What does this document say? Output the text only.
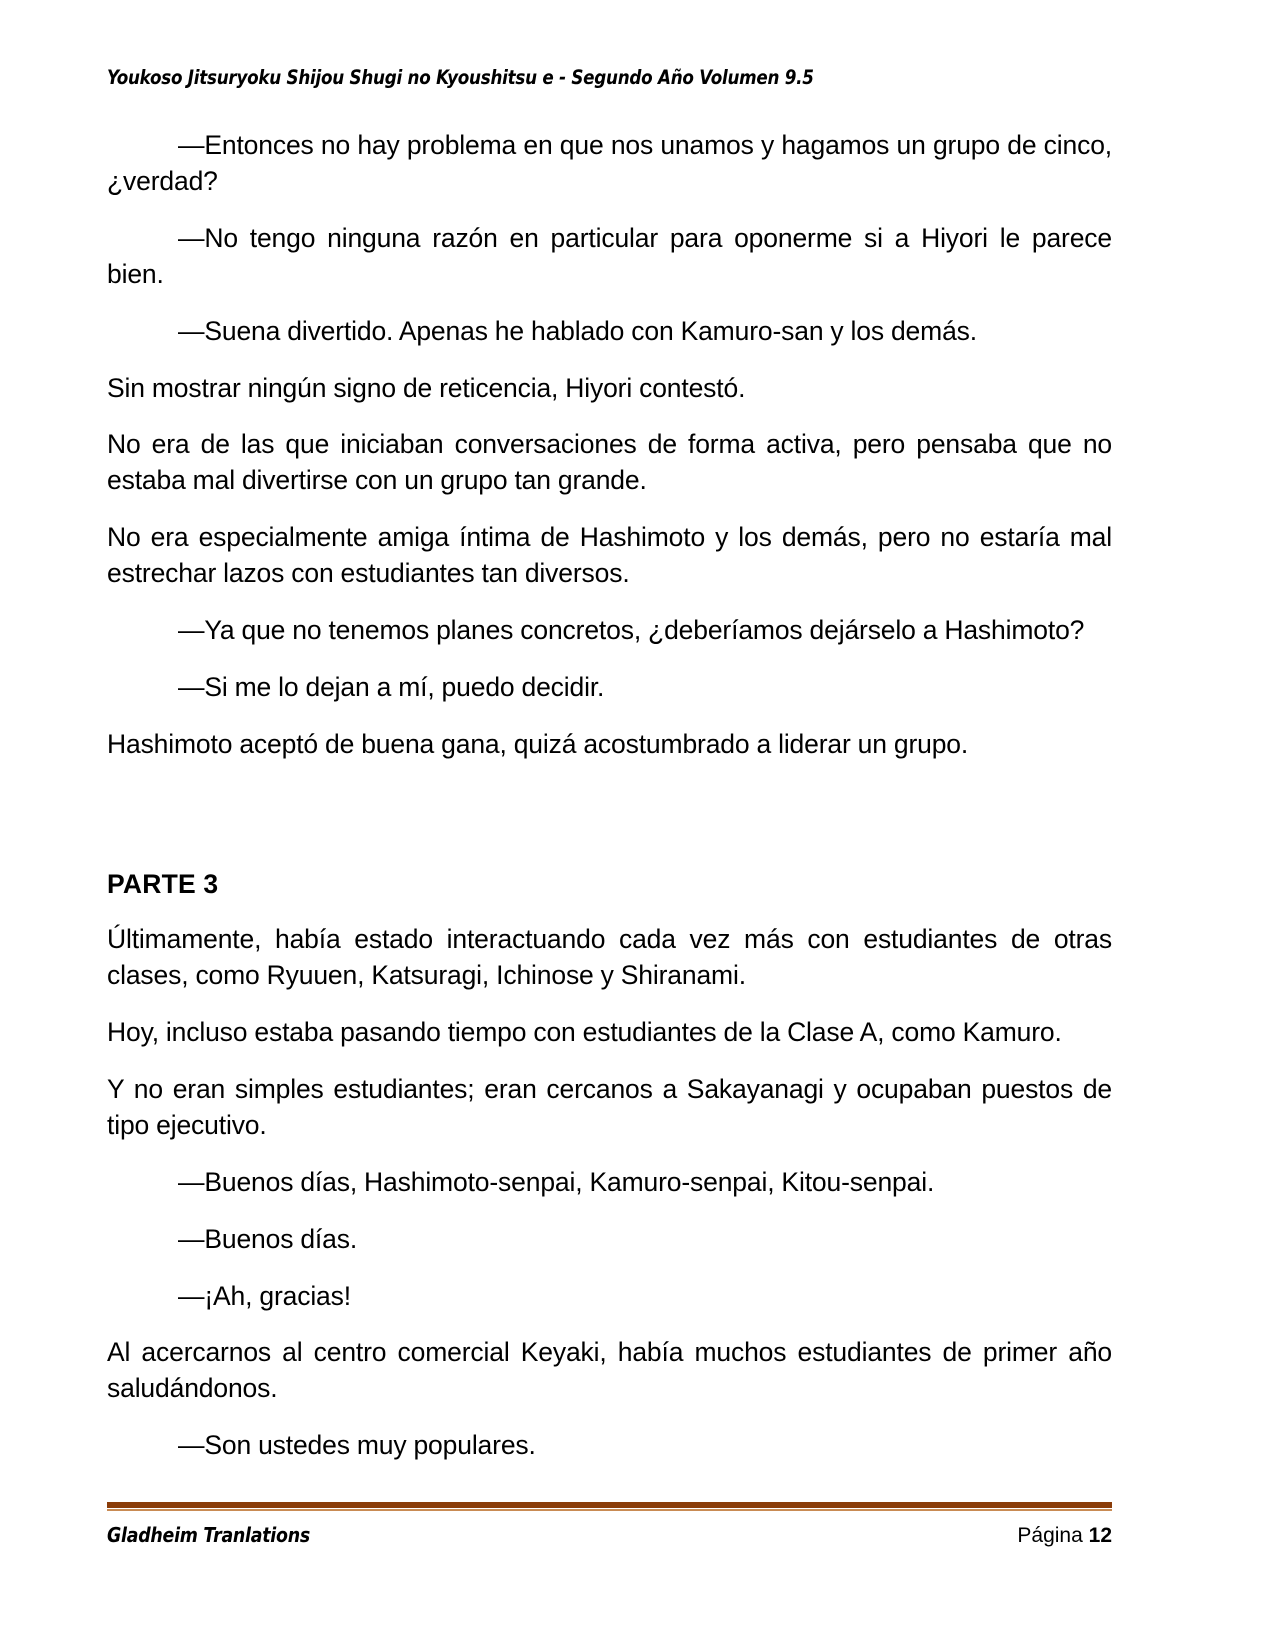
Youkoso Jitsuryoku Shijou Shugi no Kyoushitsu e - Segundo Año Volumen 9.5

—Entonces no hay problema en que nos unamos y hagamos un grupo de cinco, ¿verdad?

—No tengo ninguna razón en particular para oponerme si a Hiyori le parece bien.

—Suena divertido. Apenas he hablado con Kamuro-san y los demás.

Sin mostrar ningún signo de reticencia, Hiyori contestó.

No era de las que iniciaban conversaciones de forma activa, pero pensaba que no estaba mal divertirse con un grupo tan grande.

No era especialmente amiga íntima de Hashimoto y los demás, pero no estaría mal estrechar lazos con estudiantes tan diversos.

—Ya que no tenemos planes concretos, ¿deberíamos dejárselo a Hashimoto?

—Si me lo dejan a mí, puedo decidir.

Hashimoto aceptó de buena gana, quizá acostumbrado a liderar un grupo.

PARTE 3

Últimamente, había estado interactuando cada vez más con estudiantes de otras clases, como Ryuuen, Katsuragi, Ichinose y Shiranami.

Hoy, incluso estaba pasando tiempo con estudiantes de la Clase A, como Kamuro.

Y no eran simples estudiantes; eran cercanos a Sakayanagi y ocupaban puestos de tipo ejecutivo.

—Buenos días, Hashimoto-senpai, Kamuro-senpai, Kitou-senpai.

—Buenos días.

—¡Ah, gracias!

Al acercarnos al centro comercial Keyaki, había muchos estudiantes de primer año saludándonos.

—Son ustedes muy populares.

Gladheim Tranlations	Página 12
